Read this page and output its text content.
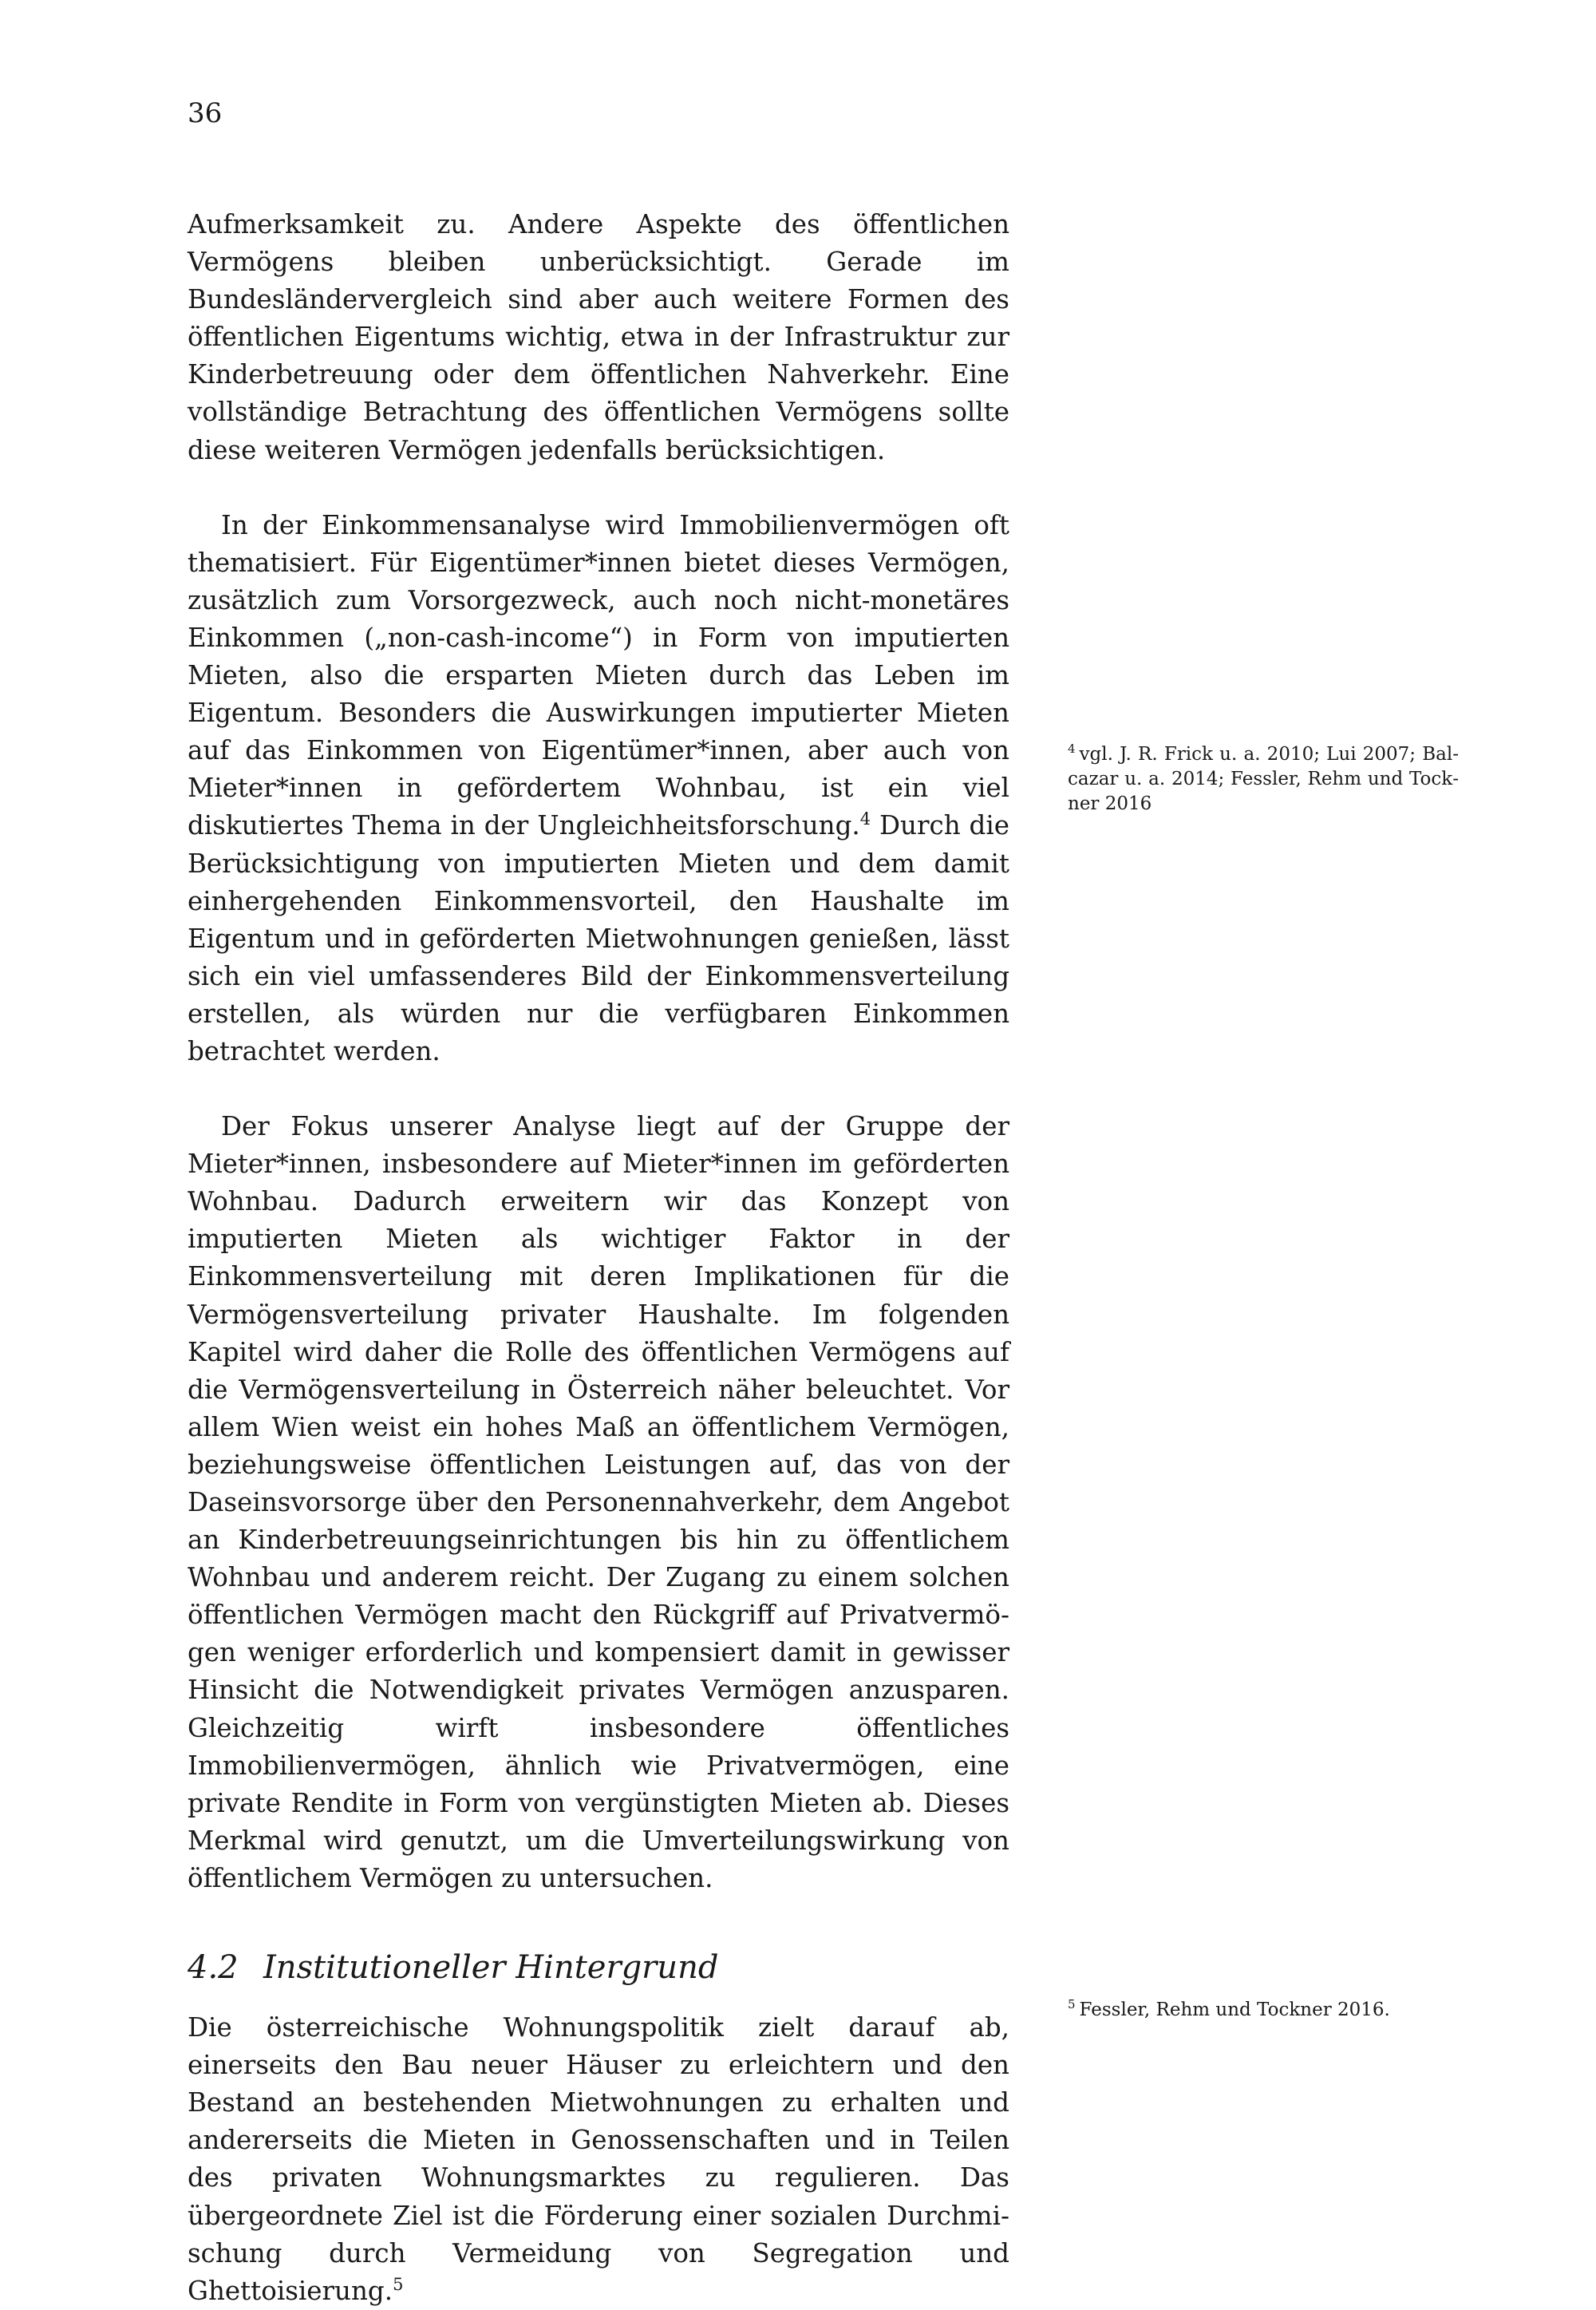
36

Aufmerksamkeit zu. Andere Aspekte des öffentlichen Vermögens bleiben unberücksichtigt. Gerade im Bundesländervergleich sind aber auch weitere Formen des öffentlichen Eigentums wichtig, etwa in der Infrastruktur zur Kinderbetreuung oder dem öffentlichen Nahverkehr. Eine vollständige Betrachtung des öffentlichen Vermögens sollte diese weiteren Vermögen jedenfalls berücksichtigen.

In der Einkommensanalyse wird Immobilienvermögen oft thematisiert. Für Eigentümer*innen bietet dieses Vermögen, zusätzlich zum Vorsorgezweck, auch noch nicht-monetäres Einkommen („non-cash-income“) in Form von imputierten Mieten, also die ersparten Mieten durch das Leben im Eigentum. Besonders die Auswirkungen imputierter Mieten auf das Einkommen von Eigentümer*innen, aber auch von Mieter*innen in gefördertem Wohnbau, ist ein viel diskutiertes Thema in der Ungleichheitsforschung.$^4$ Durch die Berücksichtigung von imputierten Mieten und dem damit einhergehenden Einkommensvorteil, den Haushalte im Eigentum und in geförderten Mietwohnungen genießen, lässt sich ein viel umfassenderes Bild der Einkommensverteilung erstellen, als würden nur die verfügbaren Einkommen betrachtet werden.

Der Fokus unserer Analyse liegt auf der Gruppe der Mieter*innen, insbesondere auf Mieter*innen im geförderten Wohnbau. Dadurch erweitern wir das Konzept von imputierten Mieten als wichtiger Faktor in der Einkommensverteilung mit deren Implikationen für die Vermögensverteilung privater Haushalte. Im folgenden Kapitel wird daher die Rolle des öffentlichen Vermögens auf die Vermögensverteilung in Österreich näher beleuchtet. Vor allem Wien weist ein hohes Maß an öffentlichem Vermögen, beziehungsweise öffentlichen Leistungen auf, das von der Daseinsvorsorge über den Personennahverkehr, dem Angebot an Kinderbetreuungseinrichtungen bis hin zu öffentlichem Wohnbau und anderem reicht. Der Zugang zu einem solchen öffentlichen Vermögen macht den Rückgriff auf Privatvermögen weniger erforderlich und kompensiert damit in gewisser Hinsicht die Notwendigkeit privates Vermögen anzusparen. Gleichzeitig wirft insbesondere öffentliches Immobilienvermögen, ähnlich wie Privatvermögen, eine private Rendite in Form von vergünstigten Mieten ab. Dieses Merkmal wird genutzt, um die Umverteilungswirkung von öffentlichem Vermögen zu untersuchen.

4.2 Institutioneller Hintergrund

Die österreichische Wohnungspolitik zielt darauf ab, einerseits den Bau neuer Häuser zu erleichtern und den Bestand an bestehenden Mietwohnungen zu erhalten und andererseits die Mieten in Genossenschaften und in Teilen des privaten Wohnungsmarktes zu regulieren. Das übergeordnete Ziel ist die Förderung einer sozialen Durchmischung durch Vermeidung von Segregation und Ghettoisierung.$^5$

$^4$ vgl. J. R. Frick u. a. 2010; Lui 2007; Balcazar u. a. 2014; Fessler, Rehm und Tockner 2016
$^5$ Fessler, Rehm und Tockner 2016.
